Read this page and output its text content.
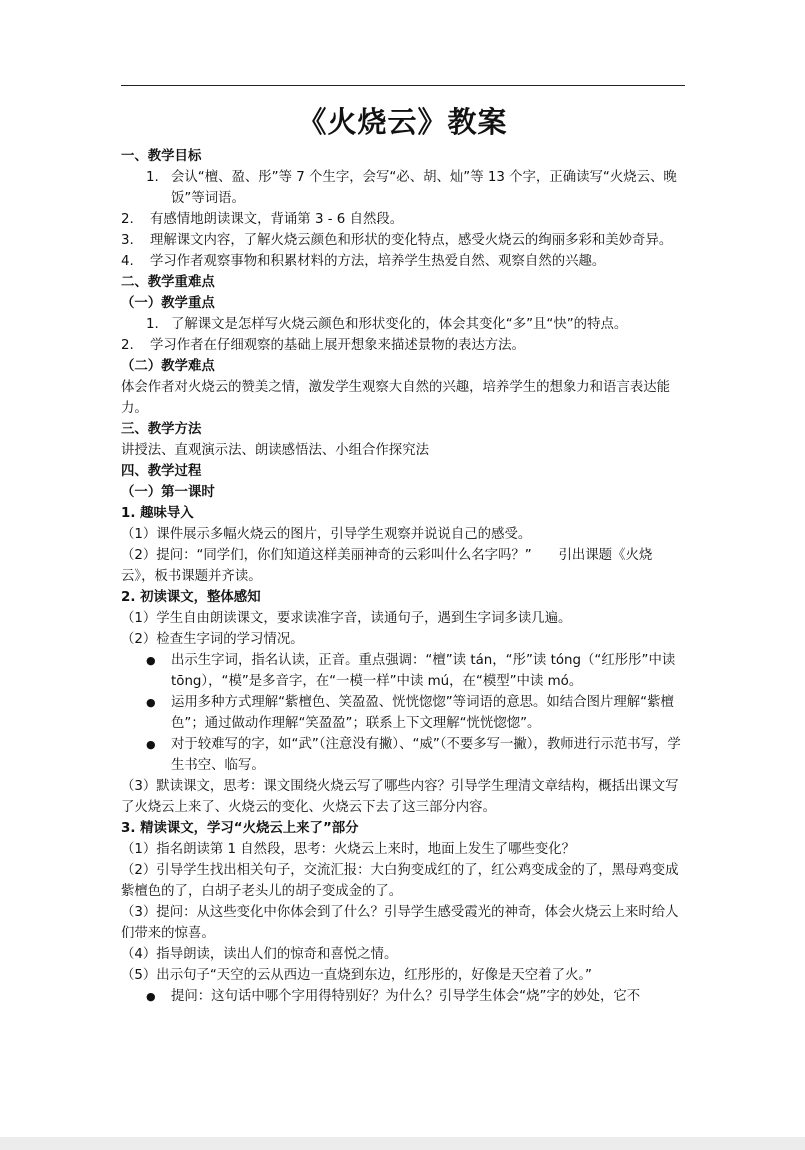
《火烧云》教案

一、教学目标

1. 会认“檀、盈、彤”等 7 个生字，会写“必、胡、灿”等 13 个字，正确读写“火烧云、晚饭”等词语。
2.	有感情地朗读课文，背诵第 3 - 6 自然段。
3.	理解课文内容，了解火烧云颜色和形状的变化特点，感受火烧云的绚丽多彩和美妙奇异。
4.	学习作者观察事物和积累材料的方法，培养学生热爱自然、观察自然的兴趣。

二、教学重难点

（一）教学重点

1. 了解课文是怎样写火烧云颜色和形状变化的，体会其变化“多”且“快”的特点。
2.	学习作者在仔细观察的基础上展开想象来描述景物的表达方法。

（二）教学难点

体会作者对火烧云的赞美之情，激发学生观察大自然的兴趣，培养学生的想象力和语言表达能力。

三、教学方法

讲授法、直观演示法、朗读感悟法、小组合作探究法

四、教学过程

（一）第一课时

1. 趣味导入

（1）课件展示多幅火烧云的图片，引导学生观察并说说自己的感受。

（2）提问：“同学们，你们知道这样美丽神奇的云彩叫什么名字吗？”　　引出课题《火烧云》，板书课题并齐读。

2. 初读课文，整体感知

（1）学生自由朗读课文，要求读准字音，读通句子，遇到生字词多读几遍。

（2）检查生字词的学习情况。

●	出示生字词，指名认读，正音。重点强调：“檀”读 tán，“彤”读 tóng（“红彤彤”中读 tōng），“模”是多音字，在“一模一样”中读 mú，在“模型”中读 mó。
●	运用多种方式理解“紫檀色、笑盈盈、恍恍惚惚”等词语的意思。如结合图片理解“紫檀色”；通过做动作理解“笑盈盈”；联系上下文理解“恍恍惚惚”。
●	对于较难写的字，如“武”（注意没有撇）、“威”（不要多写一撇），教师进行示范书写，学生书空、临写。

（3）默读课文，思考：课文围绕火烧云写了哪些内容？引导学生理清文章结构，概括出课文写了火烧云上来了、火烧云的变化、火烧云下去了这三部分内容。

3. 精读课文，学习“火烧云上来了”部分

（1）指名朗读第 1 自然段，思考：火烧云上来时，地面上发生了哪些变化？

（2）引导学生找出相关句子，交流汇报：大白狗变成红的了，红公鸡变成金的了，黑母鸡变成紫檀色的了，白胡子老头儿的胡子变成金的了。

（3）提问：从这些变化中你体会到了什么？引导学生感受霞光的神奇，体会火烧云上来时给人们带来的惊喜。

（4）指导朗读，读出人们的惊奇和喜悦之情。

（5）出示句子“天空的云从西边一直烧到东边，红彤彤的，好像是天空着了火。”

●	提问：这句话中哪个字用得特别好？为什么？引导学生体会“烧”字的妙处，它不
